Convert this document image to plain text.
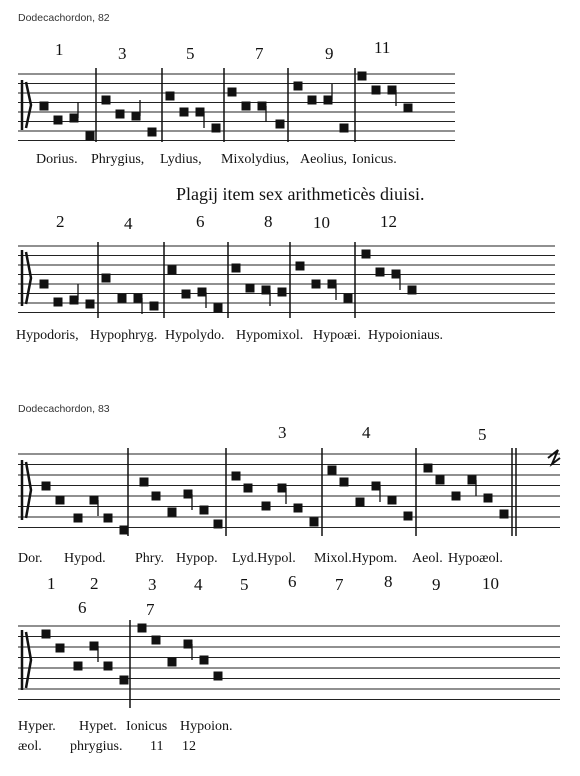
Dodecachordon, 82
1	3	5	7	9 11
Dorius. Phrygius, Lydius, Mixolydius, Aeolius, Ionicus.
Plagij item sex arithmeticès diuisi.
2	4	6	8 10	12
Hypodoris, Hypophryg. Hypolydo. Hypomixol. Hypoæi. Hypoioniaus.
Dodecachordon, 83
3	4	5
Dor. Hypod. Phry. Hypop. Lyd.Hypol. Mixol.Hypom. Aeol. Hypoæol.
1 2	3 4 5 6 7 8 9 10
6	7
Hyper. Hypet. Ionicus Hypoion.
æol. phrygius. 11 12
